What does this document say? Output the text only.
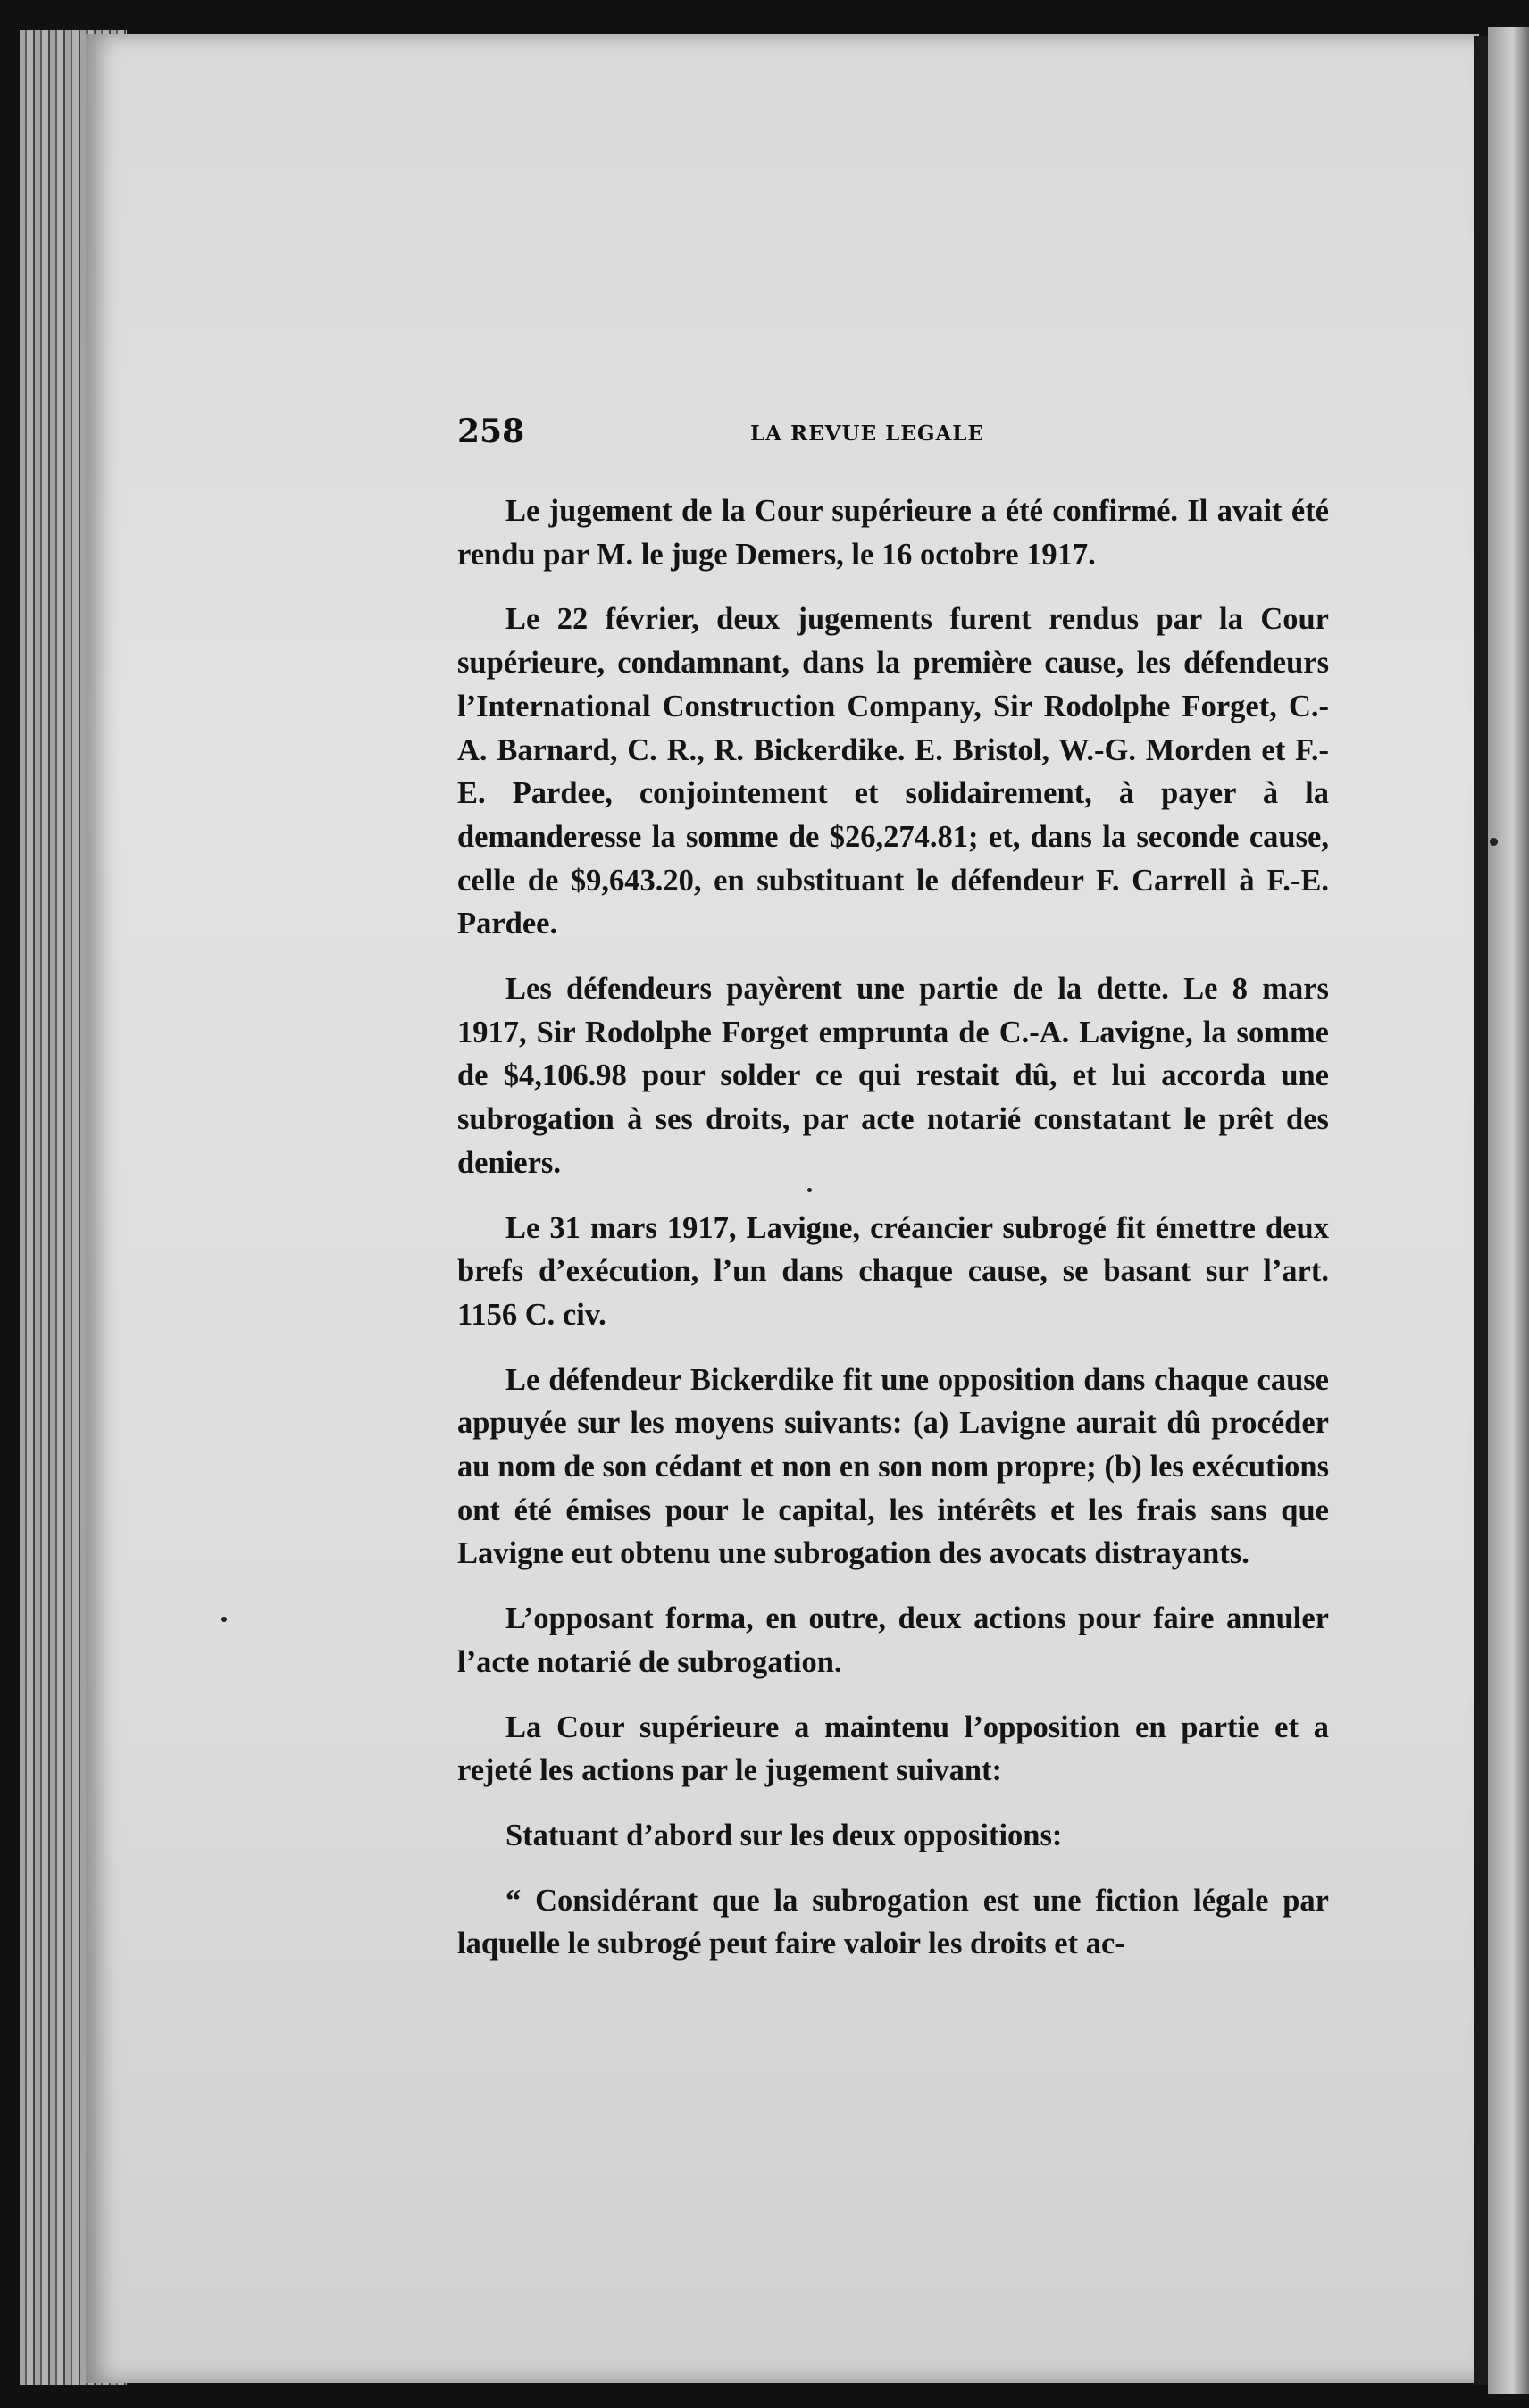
258	LA REVUE LEGALE

Le jugement de la Cour supérieure a été confirmé. Il avait été rendu par M. le juge Demers, le 16 octobre 1917.

Le 22 février, deux jugements furent rendus par la Cour supérieure, condamnant, dans la première cause, les défendeurs l’International Construction Company, Sir Rodolphe Forget, C.-A. Barnard, C. R., R. Bickerdike. E. Bristol, W.-G. Morden et F.-E. Pardee, conjointement et solidairement, à payer à la demanderesse la somme de $26,274.81; et, dans la seconde cause, celle de $9,643.20, en substituant le défendeur F. Carrell à F.-E. Pardee.

Les défendeurs payèrent une partie de la dette. Le 8 mars 1917, Sir Rodolphe Forget emprunta de C.-A. Lavigne, la somme de $4,106.98 pour solder ce qui restait dû, et lui accorda une subrogation à ses droits, par acte notarié constatant le prêt des deniers.

Le 31 mars 1917, Lavigne, créancier subrogé fit émettre deux brefs d’exécution, l’un dans chaque cause, se basant sur l’art. 1156 C. civ.

Le défendeur Bickerdike fit une opposition dans chaque cause appuyée sur les moyens suivants: (a) Lavigne aurait dû procéder au nom de son cédant et non en son nom propre; (b) les exécutions ont été émises pour le capital, les intérêts et les frais sans que Lavigne eut obtenu une subrogation des avocats distrayants.

L’opposant forma, en outre, deux actions pour faire annuler l’acte notarié de subrogation.

La Cour supérieure a maintenu l’opposition en partie et a rejeté les actions par le jugement suivant:

Statuant d’abord sur les deux oppositions:

“ Considérant que la subrogation est une fiction légale par laquelle le subrogé peut faire valoir les droits et ac-
